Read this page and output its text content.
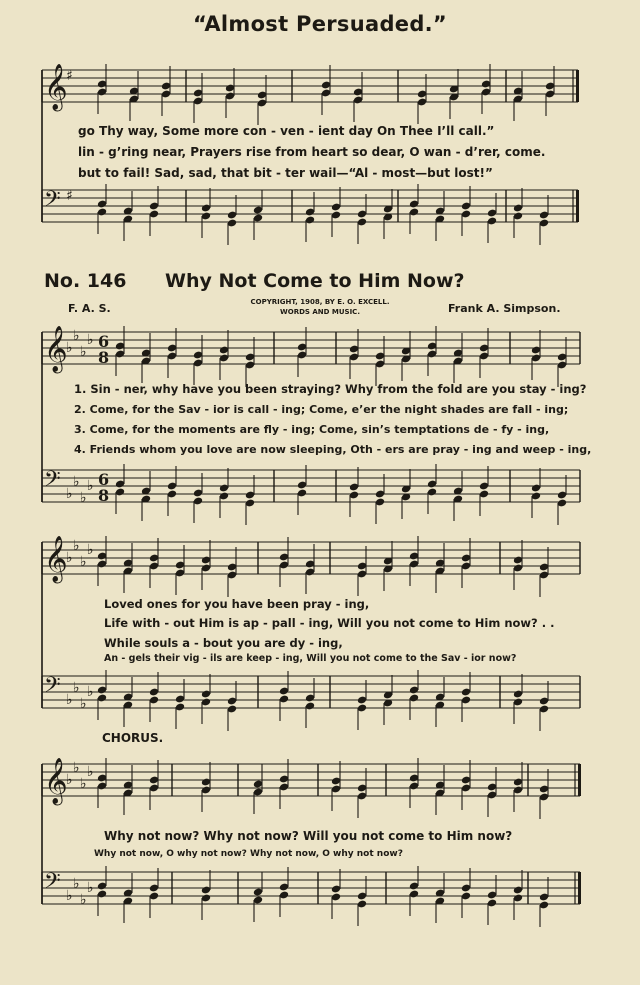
“Almost Persuaded.”
𝄞
♯
𝄢 ♯
𝄞
♭
♭
♭
♭ 6
8
𝄢 ♭
♭
♭
♭ 6
8
𝄞
♭
♭
♭
♭
𝄢 ♭
♭
♭
♭
𝄞
♭
♭
♭
♭
𝄢 ♭
♭
♭
♭
go Thy way, Some more con - ven - ient day On Thee I’ll call.”
lin - g’ring near, Prayers rise from heart so dear, O wan - d’rer, come.
but to fail! Sad, sad, that bit - ter wail—“Al - most—but lost!”
No. 146 Why Not Come to Him Now?
F. A. S.	COPYRIGHT, 1908, BY E. O. EXCELL.
WORDS AND MUSIC.	Frank A. Simpson.
1. Sin - ner, why have you been straying? Why from the fold are you stay - ing?
2. Come, for the Sav - ior is call - ing; Come, e’er the night shades are fall - ing;
3. Come, for the moments are fly - ing; Come, sin’s temptations de - fy - ing,
4. Friends whom you love are now sleeping, Oth - ers are pray - ing and weep - ing,
Loved ones for you have been pray - ing,
Life with - out Him is ap - pall - ing, Will you not come to Him now? . .
While souls a - bout you are dy - ing,
An - gels their vig - ils are keep - ing, Will you not come to the Sav - ior now?
CHORUS.
Why not now? Why not now? Will you not come to Him now?
Why not now, O why not now? Why not now, O why not now?
